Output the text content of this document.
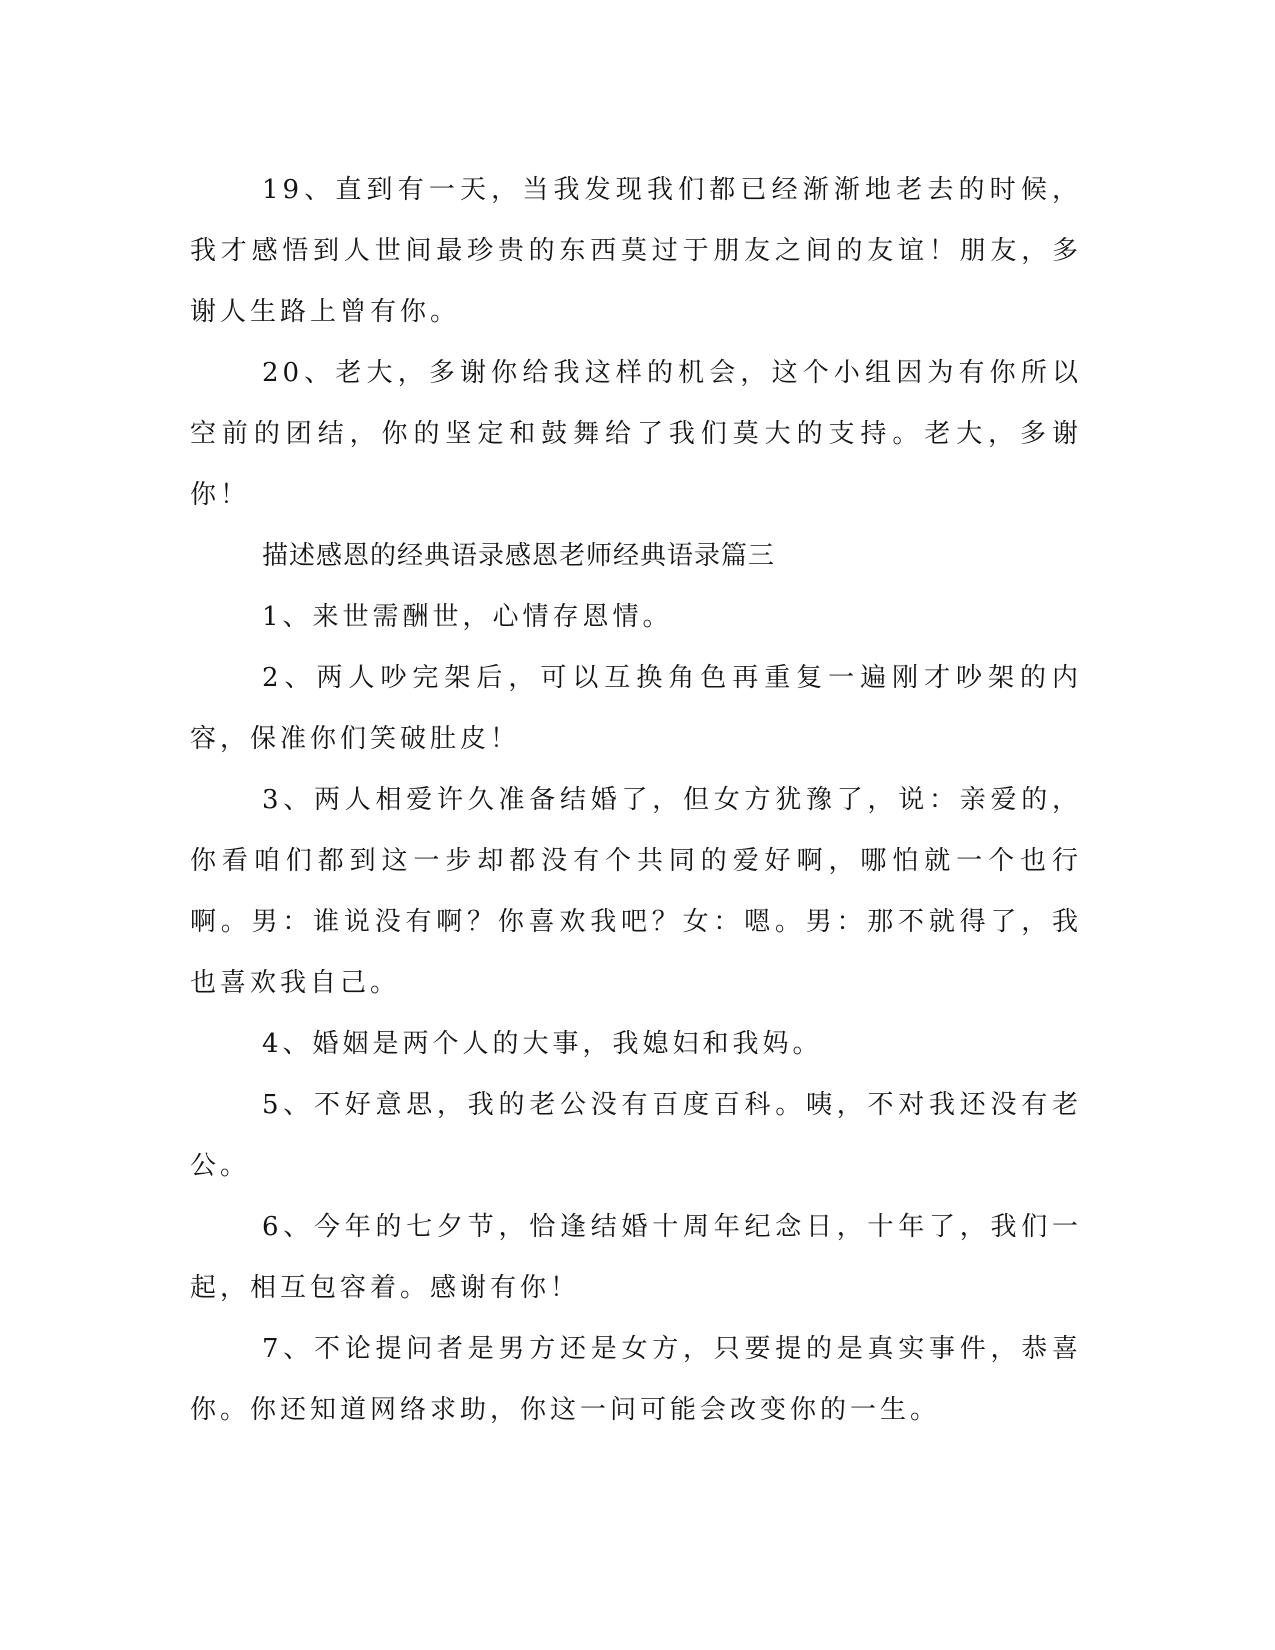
19、直到有一天，当我发现我们都已经渐渐地老去的时候，我才感悟到人世间最珍贵的东西莫过于朋友之间的友谊！朋友，多谢人生路上曾有你。

20、老大，多谢你给我这样的机会，这个小组因为有你所以空前的团结，你的坚定和鼓舞给了我们莫大的支持。老大，多谢你！

描述感恩的经典语录感恩老师经典语录篇三

1、来世需酬世，心情存恩情。

2、两人吵完架后，可以互换角色再重复一遍刚才吵架的内容，保准你们笑破肚皮！

3、两人相爱许久准备结婚了，但女方犹豫了，说：亲爱的，你看咱们都到这一步却都没有个共同的爱好啊，哪怕就一个也行啊。男：谁说没有啊？你喜欢我吧？女：嗯。男：那不就得了，我也喜欢我自己。

4、婚姻是两个人的大事，我媳妇和我妈。

5、不好意思，我的老公没有百度百科。咦，不对我还没有老公。

6、今年的七夕节，恰逢结婚十周年纪念日，十年了，我们一起，相互包容着。感谢有你！

7、不论提问者是男方还是女方，只要提的是真实事件，恭喜你。你还知道网络求助，你这一问可能会改变你的一生。
